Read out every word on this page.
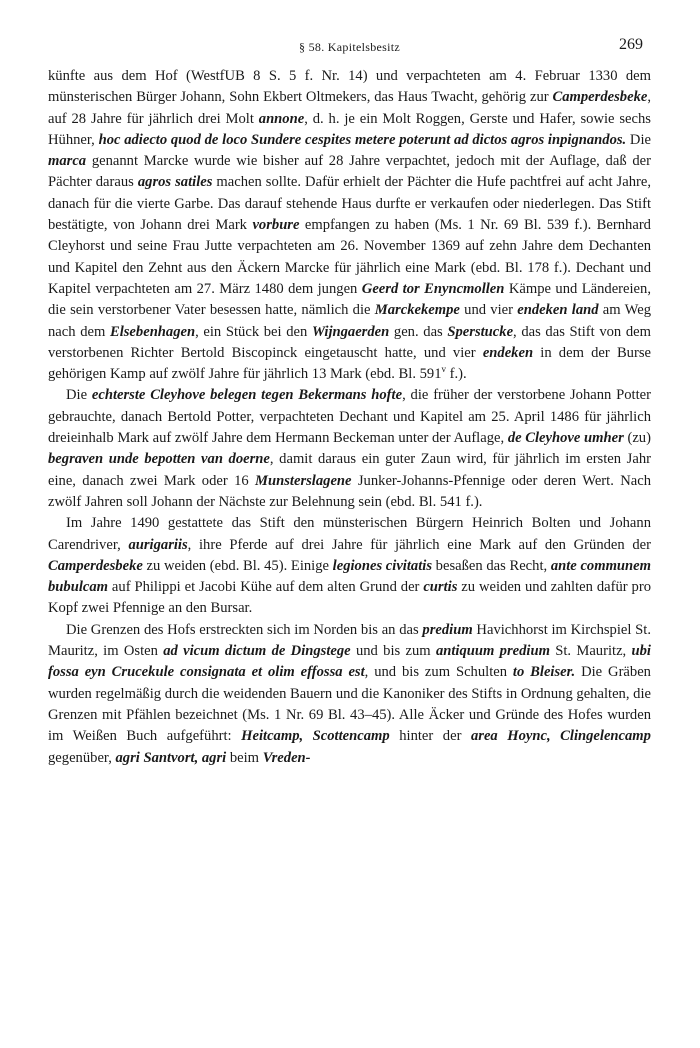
§ 58. Kapitelsbesitz	269

künfte aus dem Hof (WestfUB 8 S. 5 f. Nr. 14) und verpachteten am 4. Februar 1330 dem münsterischen Bürger Johann, Sohn Ekbert Oltmekers, das Haus Twacht, gehörig zur Camperdesbeke, auf 28 Jahre für jährlich drei Molt annone, d. h. je ein Molt Roggen, Gerste und Hafer, sowie sechs Hühner, hoc adiecto quod de loco Sundere cespites metere poterunt ad dictos agros inpignandos. Die marca genannt Marcke wurde wie bisher auf 28 Jahre verpachtet, jedoch mit der Auflage, daß der Pächter daraus agros satiles machen sollte. Dafür erhielt der Pächter die Hufe pachtfrei auf acht Jahre, danach für die vierte Garbe. Das darauf stehende Haus durfte er verkaufen oder niederlegen. Das Stift bestätigte, von Johann drei Mark vorbure empfangen zu haben (Ms. 1 Nr. 69 Bl. 539 f.). Bernhard Cleyhorst und seine Frau Jutte verpachteten am 26. November 1369 auf zehn Jahre dem Dechanten und Kapitel den Zehnt aus den Äckern Marcke für jährlich eine Mark (ebd. Bl. 178 f.). Dechant und Kapitel verpachteten am 27. März 1480 dem jungen Geerd tor Enyncmollen Kämpe und Ländereien, die sein verstorbener Vater besessen hatte, nämlich die Marckekempe und vier endeken land am Weg nach dem Elsebenhagen, ein Stück bei den Wijngaerden gen. das Sperstucke, das das Stift von dem verstorbenen Richter Bertold Biscopinck eingetauscht hatte, und vier endeken in dem der Burse gehörigen Kamp auf zwölf Jahre für jährlich 13 Mark (ebd. Bl. 591$^v$ f.).

Die echterste Cleyhove belegen tegen Bekermans hofte, die früher der verstorbene Johann Potter gebrauchte, danach Bertold Potter, verpachteten Dechant und Kapitel am 25. April 1486 für jährlich dreieinhalb Mark auf zwölf Jahre dem Hermann Beckeman unter der Auflage, de Cleyhove umher (zu) begraven unde bepotten van doerne, damit daraus ein guter Zaun wird, für jährlich im ersten Jahr eine, danach zwei Mark oder 16 Munsterslagene Junker-Johanns-Pfennige oder deren Wert. Nach zwölf Jahren soll Johann der Nächste zur Belehnung sein (ebd. Bl. 541 f.).

Im Jahre 1490 gestattete das Stift den münsterischen Bürgern Heinrich Bolten und Johann Carendriver, aurigariis, ihre Pferde auf drei Jahre für jährlich eine Mark auf den Gründen der Camperdesbeke zu weiden (ebd. Bl. 45). Einige legiones civitatis besaßen das Recht, ante communem bubulcam auf Philippi et Jacobi Kühe auf dem alten Grund der curtis zu weiden und zahlten dafür pro Kopf zwei Pfennige an den Bursar.

Die Grenzen des Hofs erstreckten sich im Norden bis an das predium Havichhorst im Kirchspiel St. Mauritz, im Osten ad vicum dictum de Dingstege und bis zum antiquum predium St. Mauritz, ubi fossa eyn Crucekule consignata et olim effossa est, und bis zum Schulten to Bleiser. Die Gräben wurden regelmäßig durch die weidenden Bauern und die Kanoniker des Stifts in Ordnung gehalten, die Grenzen mit Pfählen bezeichnet (Ms. 1 Nr. 69 Bl. 43–45). Alle Äcker und Gründe des Hofes wurden im Weißen Buch aufgeführt: Heitcamp, Scottencamp hinter der area Hoync, Clingelencamp gegenüber, agri Santvort, agri beim Vreden-
